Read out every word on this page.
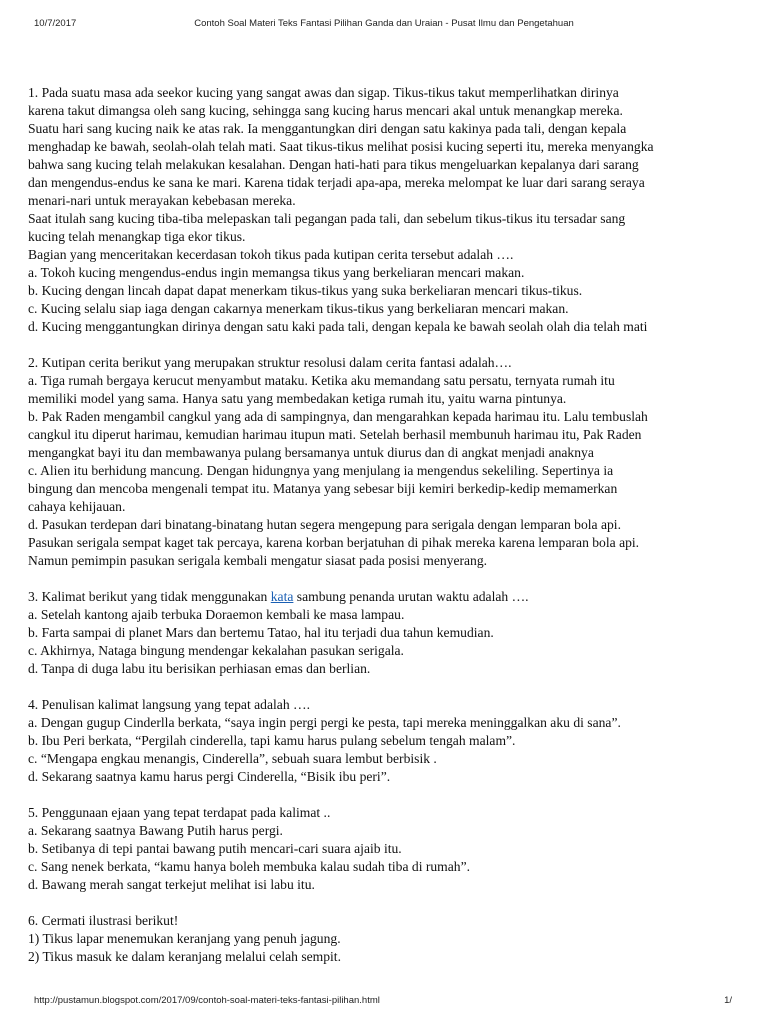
10/7/2017	Contoh Soal Materi Teks Fantasi Pilihan Ganda dan Uraian - Pusat Ilmu dan Pengetahuan
1. Pada suatu masa ada seekor kucing yang sangat awas dan sigap. Tikus-tikus takut memperlihatkan dirinya
karena takut dimangsa oleh sang kucing, sehingga sang kucing harus mencari akal untuk menangkap mereka.
Suatu hari sang kucing naik ke atas rak. Ia menggantungkan diri dengan satu kakinya pada tali, dengan kepala
menghadap ke bawah, seolah-olah telah mati. Saat tikus-tikus melihat posisi kucing seperti itu, mereka menyangka
bahwa sang kucing telah melakukan kesalahan. Dengan hati-hati para tikus mengeluarkan kepalanya dari sarang
dan mengendus-endus ke sana ke mari. Karena tidak terjadi apa-apa, mereka melompat ke luar dari sarang seraya
menari-nari untuk merayakan kebebasan mereka.
Saat itulah sang kucing tiba-tiba melepaskan tali pegangan pada tali, dan sebelum tikus-tikus itu tersadar sang
kucing telah menangkap tiga ekor tikus.
Bagian yang menceritakan kecerdasan tokoh tikus pada kutipan cerita tersebut adalah ….
a. Tokoh kucing mengendus-endus ingin memangsa tikus yang berkeliaran mencari makan.
b. Kucing dengan lincah dapat dapat menerkam tikus-tikus yang suka berkeliaran mencari tikus-tikus.
c. Kucing selalu siap iaga dengan cakarnya menerkam tikus-tikus yang berkeliaran mencari makan.
d. Kucing menggantungkan dirinya dengan satu kaki pada tali, dengan kepala ke bawah seolah olah dia telah mati
2. Kutipan cerita berikut yang merupakan struktur resolusi dalam cerita fantasi adalah….
a. Tiga rumah bergaya kerucut menyambut mataku. Ketika aku memandang satu persatu, ternyata rumah itu
memiliki model yang sama. Hanya satu yang membedakan ketiga rumah itu, yaitu warna pintunya.
b. Pak Raden mengambil cangkul yang ada di sampingnya, dan mengarahkan kepada harimau itu. Lalu tembuslah
cangkul itu diperut harimau, kemudian harimau itupun mati. Setelah berhasil membunuh harimau itu, Pak Raden
mengangkat bayi itu dan membawanya pulang bersamanya untuk diurus dan di angkat menjadi anaknya
c. Alien itu berhidung mancung. Dengan hidungnya yang menjulang ia mengendus sekeliling. Sepertinya ia
bingung dan mencoba mengenali tempat itu. Matanya yang sebesar biji kemiri berkedip-kedip memamerkan
cahaya kehijauan.
d. Pasukan terdepan dari binatang-binatang hutan segera mengepung para serigala dengan lemparan bola api.
Pasukan serigala sempat kaget tak percaya, karena korban berjatuhan di pihak mereka karena lemparan bola api.
Namun pemimpin pasukan serigala kembali mengatur siasat pada posisi menyerang.
3. Kalimat berikut yang tidak menggunakan kata sambung penanda urutan waktu adalah ….
a. Setelah kantong ajaib terbuka Doraemon kembali ke masa lampau.
b. Farta sampai di planet Mars dan bertemu Tatao, hal itu terjadi dua tahun kemudian.
c. Akhirnya, Nataga bingung mendengar kekalahan pasukan serigala.
d. Tanpa di duga labu itu berisikan perhiasan emas dan berlian.
4. Penulisan kalimat langsung yang tepat adalah ….
a. Dengan gugup Cinderlla berkata, “saya ingin pergi pergi ke pesta, tapi mereka meninggalkan aku di sana”.
b. Ibu Peri berkata, “Pergilah cinderella, tapi kamu harus pulang sebelum tengah malam”.
c. “Mengapa engkau menangis, Cinderella”, sebuah suara lembut berbisik .
d. Sekarang saatnya kamu harus pergi Cinderella, “Bisik ibu peri”.
5. Penggunaan ejaan yang tepat terdapat pada kalimat ..
a. Sekarang saatnya Bawang Putih harus pergi.
b. Setibanya di tepi pantai bawang putih mencari-cari suara ajaib itu.
c. Sang nenek berkata, “kamu hanya boleh membuka kalau sudah tiba di rumah”.
d. Bawang merah sangat terkejut melihat isi labu itu.
6. Cermati ilustrasi berikut!
1) Tikus lapar menemukan keranjang yang penuh jagung.
2) Tikus masuk ke dalam keranjang melalui celah sempit.
http://pustamun.blogspot.com/2017/09/contoh-soal-materi-teks-fantasi-pilihan.html	1/
